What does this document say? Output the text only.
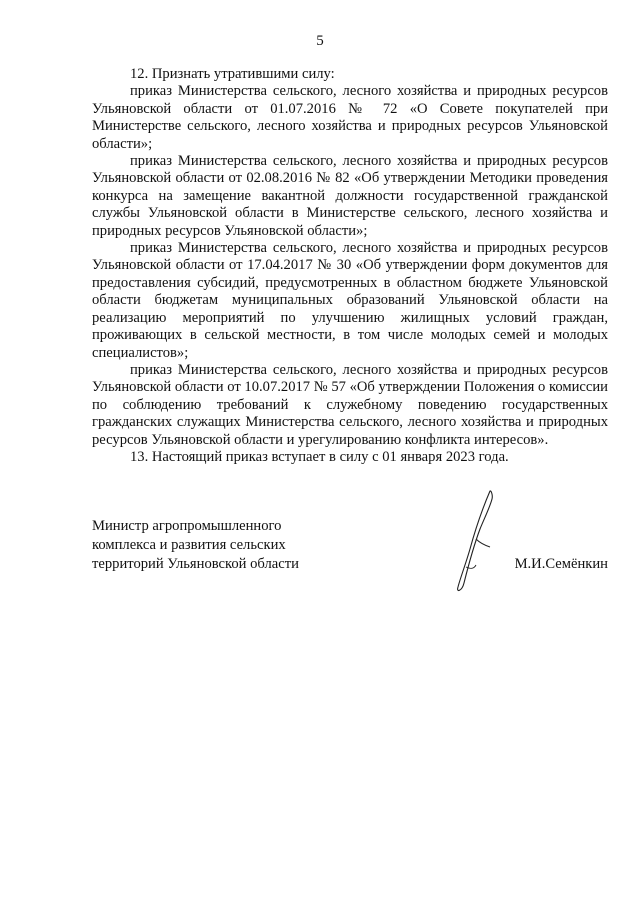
5

12. Признать утратившими силу:

приказ Министерства сельского, лесного хозяйства и природных ресурсов Ульяновской области от 01.07.2016 № 72 «О Совете покупателей при Министерстве сельского, лесного хозяйства и природных ресурсов Ульяновской области»;

приказ Министерства сельского, лесного хозяйства и природных ресурсов Ульяновской области от 02.08.2016 № 82 «Об утверждении Методики проведения конкурса на замещение вакантной должности государственной гражданской службы Ульяновской области в Министерстве сельского, лесного хозяйства и природных ресурсов Ульяновской области»;

приказ Министерства сельского, лесного хозяйства и природных ресурсов Ульяновской области от 17.04.2017 № 30 «Об утверждении форм документов для предоставления субсидий, предусмотренных в областном бюджете Ульяновской области бюджетам муниципальных образований Ульяновской области на реализацию мероприятий по улучшению жилищных условий граждан, проживающих в сельской местности, в том числе молодых семей и молодых специалистов»;

приказ Министерства сельского, лесного хозяйства и природных ресурсов Ульяновской области от 10.07.2017 № 57 «Об утверждении Положения о комиссии по соблюдению требований к служебному поведению государственных гражданских служащих Министерства сельского, лесного хозяйства и природных ресурсов Ульяновской области и урегулированию конфликта интересов».

13. Настоящий приказ вступает в силу с 01 января 2023 года.

Министр агропромышленного
комплекса и развития сельских
территорий Ульяновской области	М.И.Семёнкин
